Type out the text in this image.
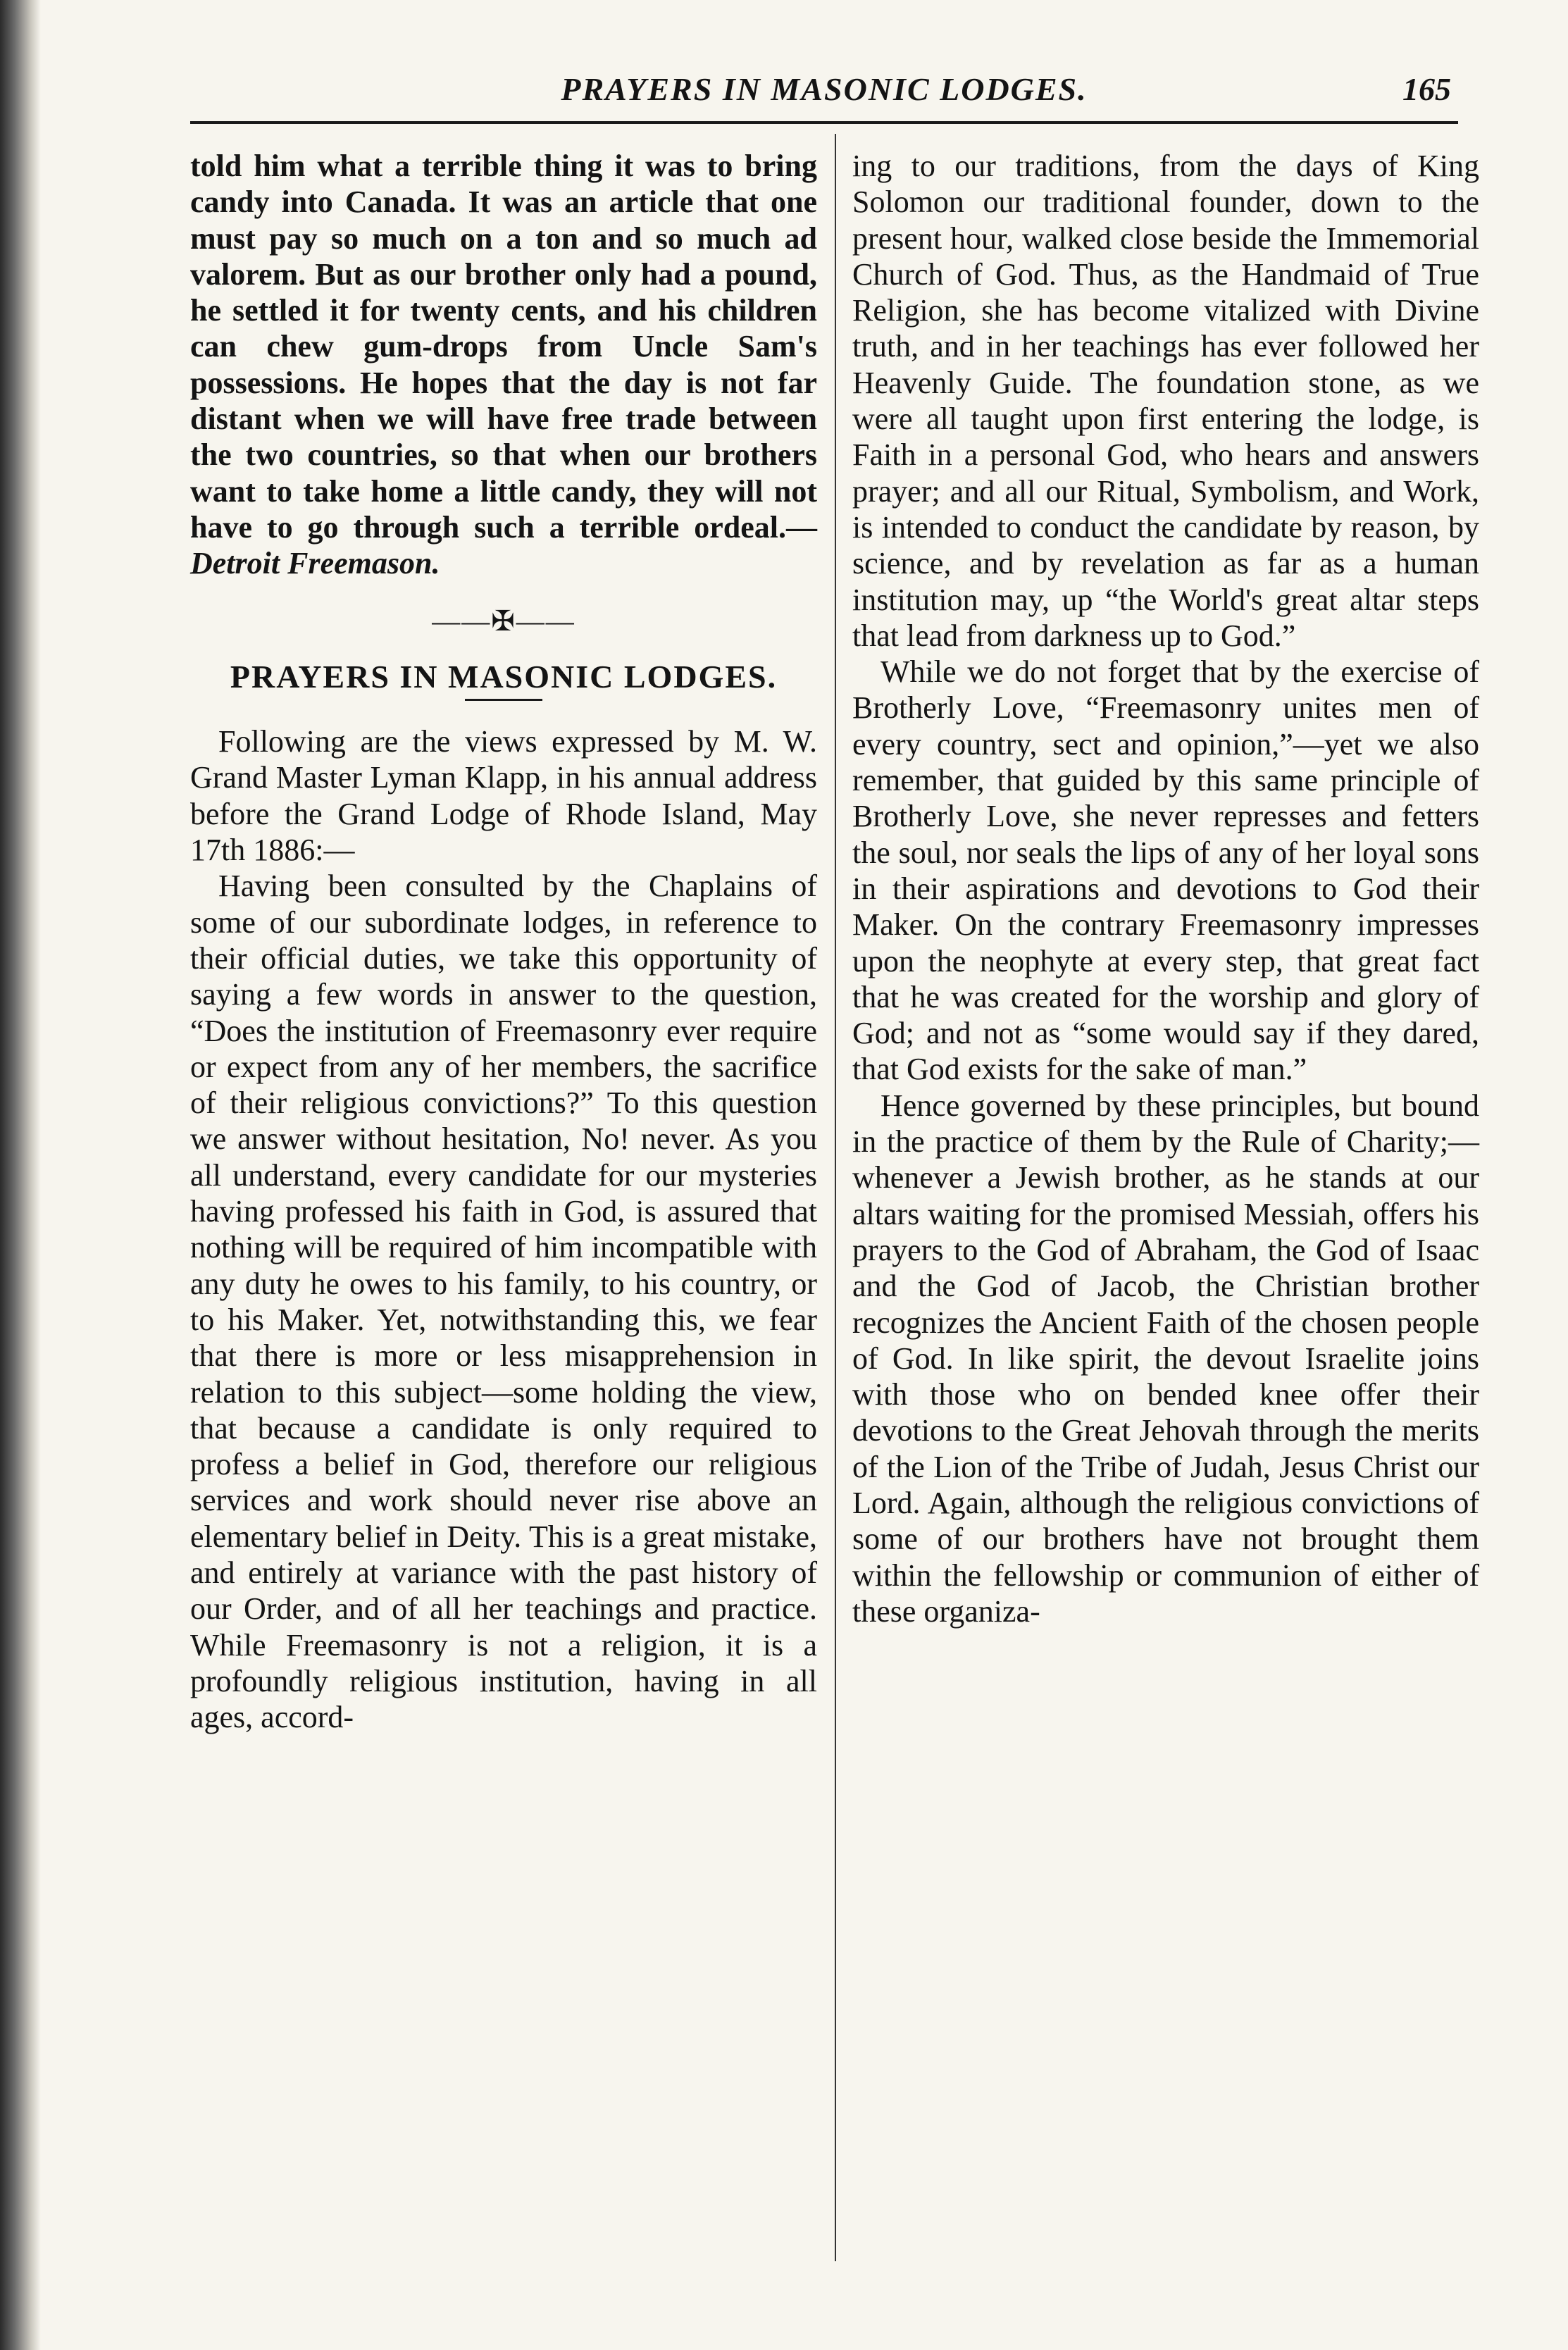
PRAYERS IN MASONIC LODGES.	165

told him what a terrible thing it was to bring candy into Canada. It was an article that one must pay so much on a ton and so much ad valorem. But as our brother only had a pound, he settled it for twenty cents, and his children can chew gum-drops from Uncle Sam's possessions. He hopes that the day is not far distant when we will have free trade between the two countries, so that when our brothers want to take home a little candy, they will not have to go through such a terrible ordeal.—Detroit Freemason.

——✠——
PRAYERS IN MASONIC LODGES.

Following are the views expressed by M. W. Grand Master Lyman Klapp, in his annual address before the Grand Lodge of Rhode Island, May 17th 1886:—

Having been consulted by the Chaplains of some of our subordinate lodges, in reference to their official duties, we take this opportunity of saying a few words in answer to the question, “Does the institution of Freemasonry ever require or expect from any of her members, the sacrifice of their religious convictions?” To this question we answer without hesitation, No! never. As you all understand, every candidate for our mysteries having professed his faith in God, is assured that nothing will be required of him incompatible with any duty he owes to his family, to his country, or to his Maker. Yet, notwithstanding this, we fear that there is more or less misapprehension in relation to this subject—some holding the view, that because a candidate is only required to profess a belief in God, therefore our religious services and work should never rise above an elementary belief in Deity. This is a great mistake, and entirely at variance with the past history of our Order, and of all her teachings and practice. While Freemasonry is not a religion, it is a profoundly religious institution, having in all ages, accord-

ing to our traditions, from the days of King Solomon our traditional founder, down to the present hour, walked close beside the Immemorial Church of God. Thus, as the Handmaid of True Religion, she has become vitalized with Divine truth, and in her teachings has ever followed her Heavenly Guide. The foundation stone, as we were all taught upon first entering the lodge, is Faith in a personal God, who hears and answers prayer; and all our Ritual, Symbolism, and Work, is intended to conduct the candidate by reason, by science, and by revelation as far as a human institution may, up “the World's great altar steps that lead from darkness up to God.”

While we do not forget that by the exercise of Brotherly Love, “Freemasonry unites men of every country, sect and opinion,”—yet we also remember, that guided by this same principle of Brotherly Love, she never represses and fetters the soul, nor seals the lips of any of her loyal sons in their aspirations and devotions to God their Maker. On the contrary Freemasonry impresses upon the neophyte at every step, that great fact that he was created for the worship and glory of God; and not as “some would say if they dared, that God exists for the sake of man.”

Hence governed by these principles, but bound in the practice of them by the Rule of Charity;—whenever a Jewish brother, as he stands at our altars waiting for the promised Messiah, offers his prayers to the God of Abraham, the God of Isaac and the God of Jacob, the Christian brother recognizes the Ancient Faith of the chosen people of God. In like spirit, the devout Israelite joins with those who on bended knee offer their devotions to the Great Jehovah through the merits of the Lion of the Tribe of Judah, Jesus Christ our Lord. Again, although the religious convictions of some of our brothers have not brought them within the fellowship or communion of either of these organiza-
